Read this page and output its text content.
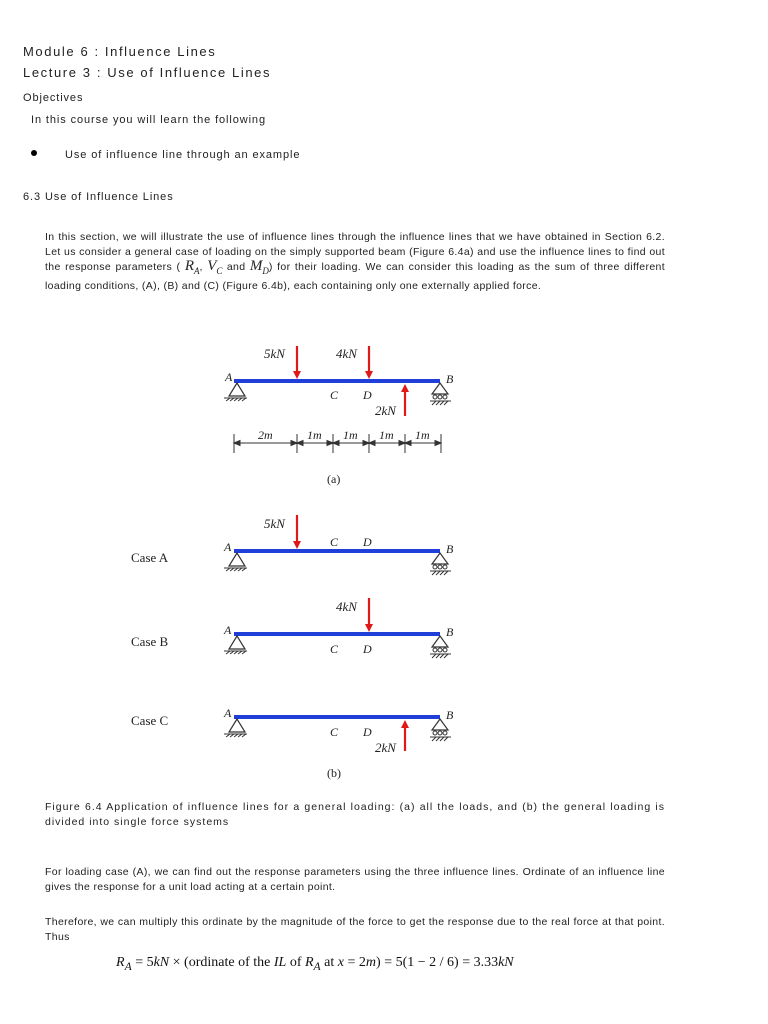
Module 6 : Influence Lines

Lecture 3 : Use of Influence Lines

Objectives

In this course you will learn the following

Use of influence line through an example

6.3 Use of Influence Lines

In this section, we will illustrate the use of influence lines through the influence lines that we have obtained in Section 6.2. Let us consider a general case of loading on the simply supported beam (Figure 6.4a) and use the influence lines to find out the response parameters ( $R_A$, $V_C$ and $M_D$) for their loading. We can consider this loading as the sum of three different loading conditions, (A), (B) and (C) (Figure 6.4b), each containing only one externally applied force.

A	B
C D
5kN	4kN
2kN
2m	1m 1m 1m 1m
(a)
Case A
A	B
C D
5kN
Case B
A	B
C D
4kN
Case C	A	B
C D
2kN
(b)

Figure 6.4 Application of influence lines for a general loading: (a) all the loads, and (b) the general loading is divided into single force systems

For loading case (A), we can find out the response parameters using the three influence lines. Ordinate of an influence line gives the response for a unit load acting at a certain point.

Therefore, we can multiply this ordinate by the magnitude of the force to get the response due to the real force at that point. Thus

$R_A = 5kN$ × (ordinate of the IL of $R_A$ at x = 2m) = 5(1 − 2 / 6) = 3.33kN
